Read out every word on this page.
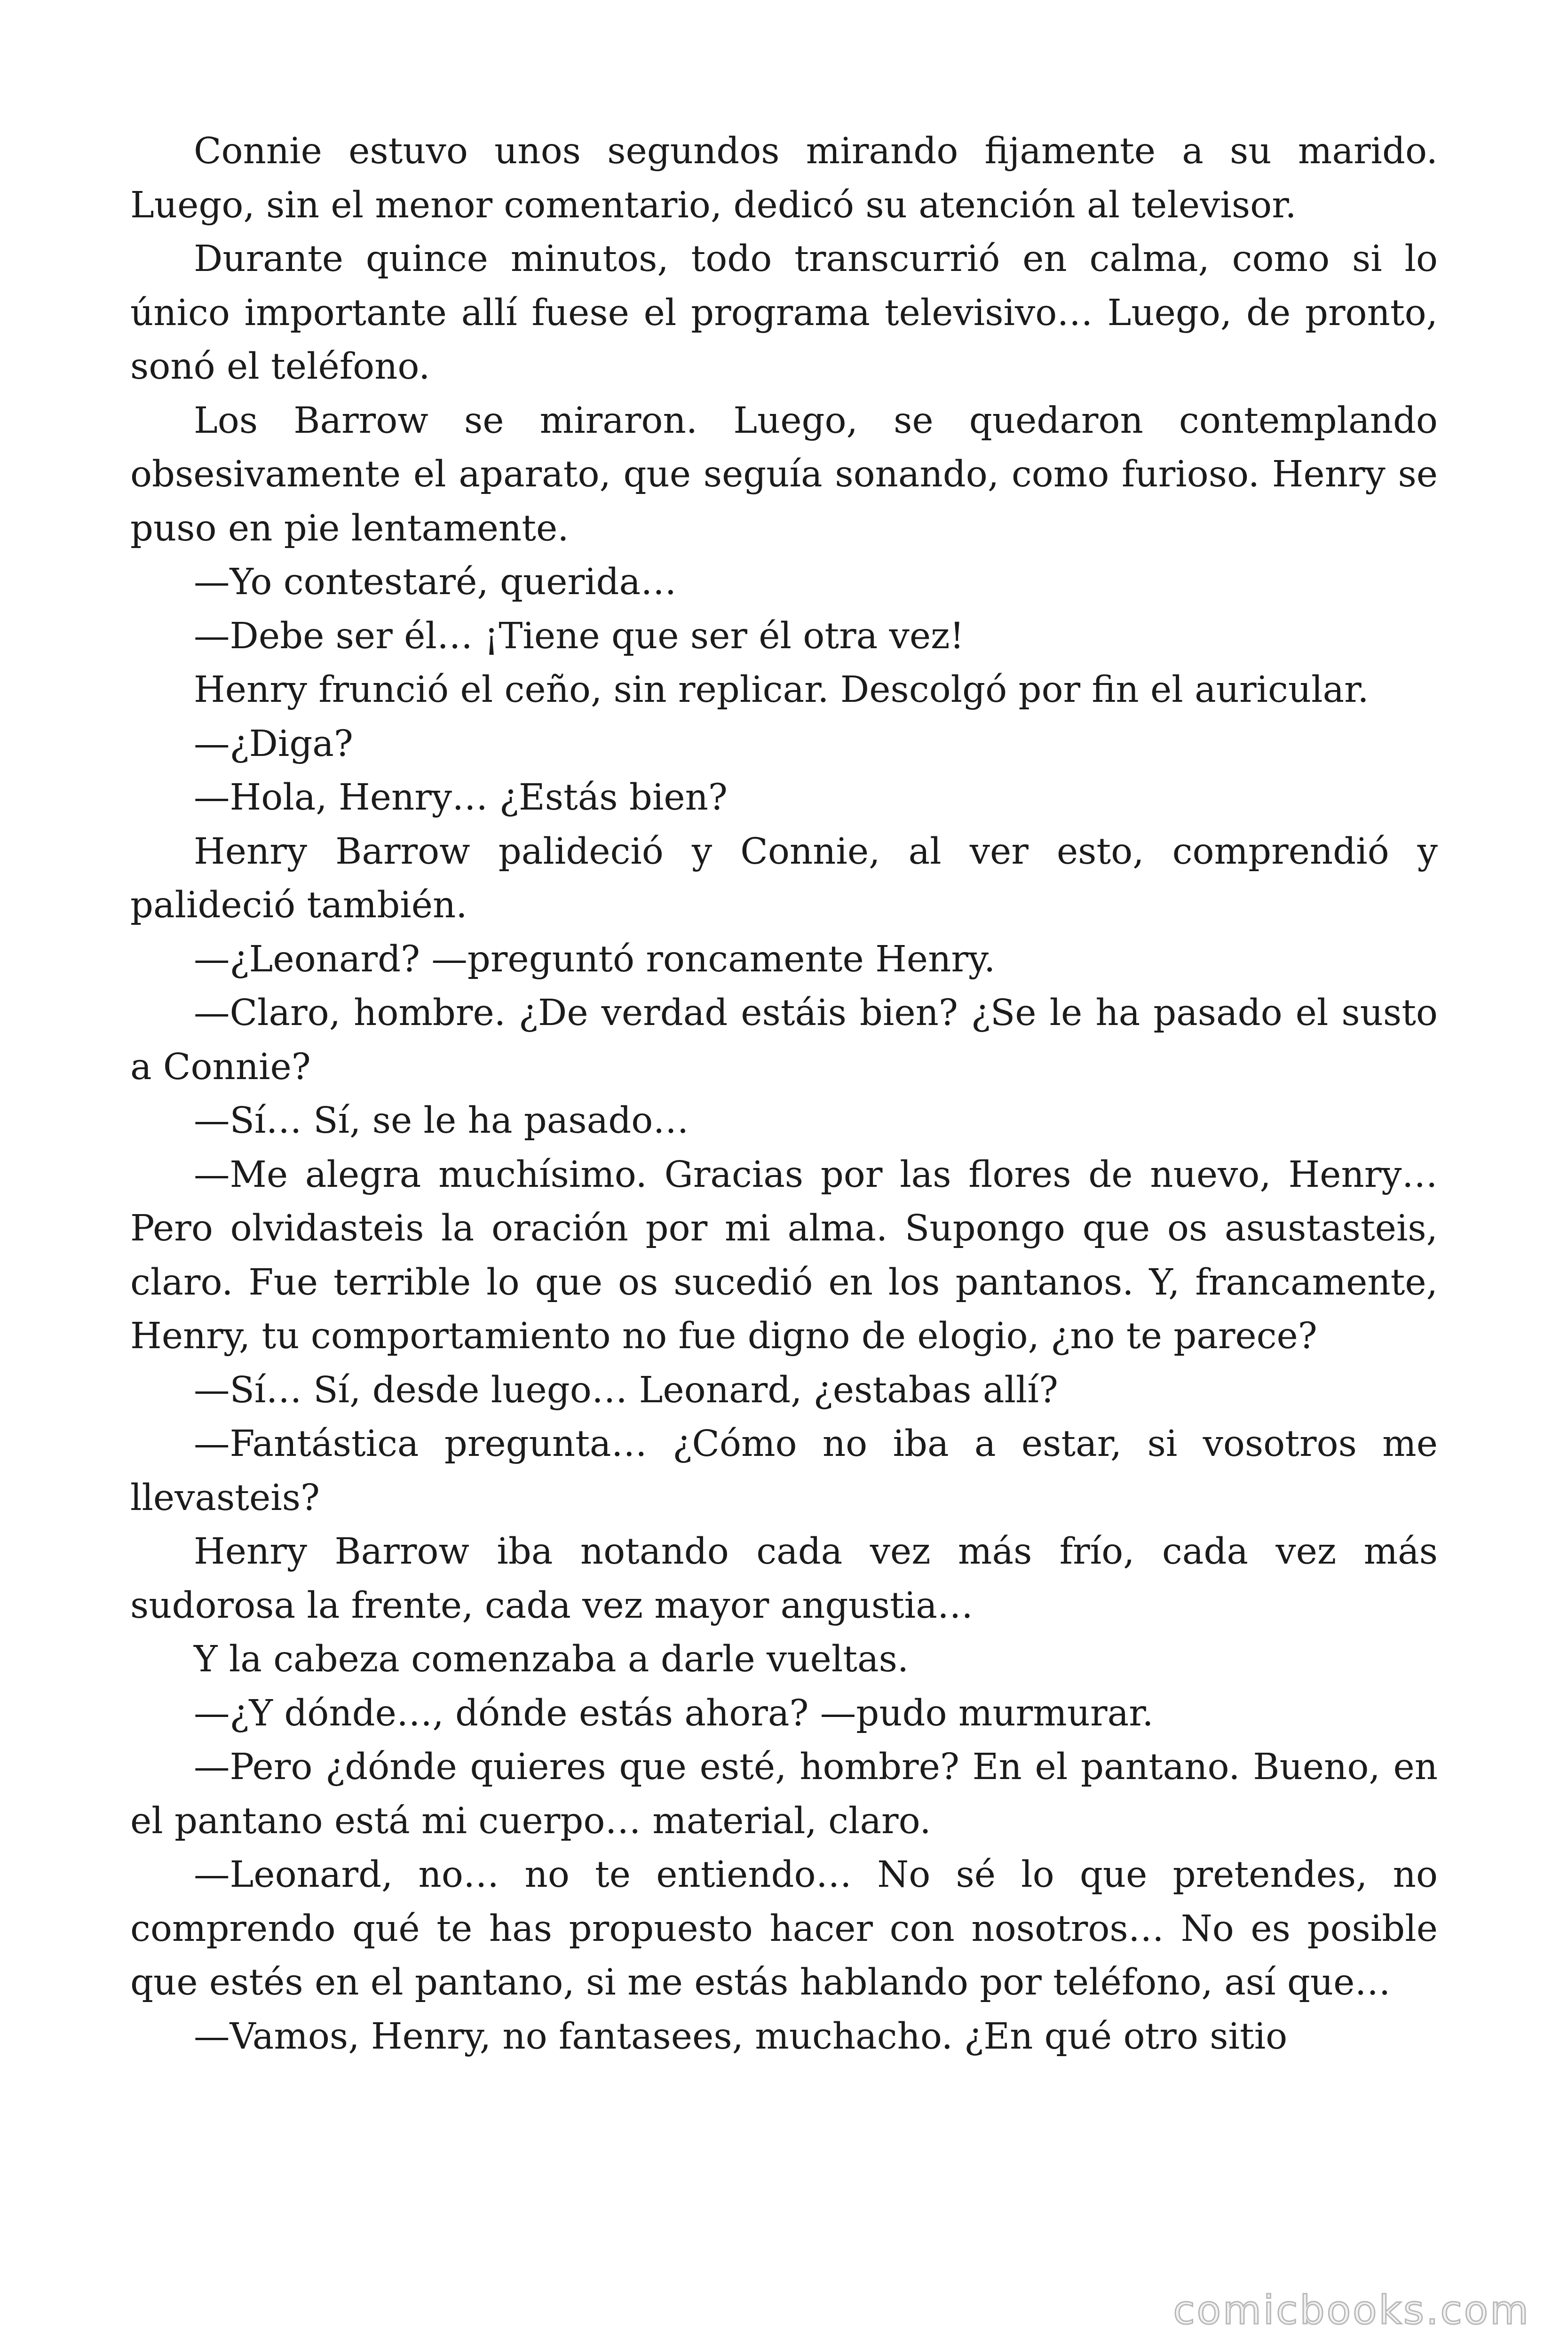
Connie estuvo unos segundos mirando fijamente a su marido. Luego, sin el menor comentario, dedicó su atención al televisor.

Durante quince minutos, todo transcurrió en calma, como si lo único importante allí fuese el programa televisivo… Luego, de pronto, sonó el teléfono.

Los Barrow se miraron. Luego, se quedaron contemplando obsesivamente el aparato, que seguía sonando, como furioso. Henry se puso en pie lentamente.

—Yo contestaré, querida…

—Debe ser él… ¡Tiene que ser él otra vez!

Henry frunció el ceño, sin replicar. Descolgó por fin el auricular.

—¿Diga?

—Hola, Henry… ¿Estás bien?

Henry Barrow palideció y Connie, al ver esto, comprendió y palideció también.

—¿Leonard? —preguntó roncamente Henry.

—Claro, hombre. ¿De verdad estáis bien? ¿Se le ha pasado el susto a Connie?

—Sí… Sí, se le ha pasado…

—Me alegra muchísimo. Gracias por las flores de nuevo, Henry… Pero olvidasteis la oración por mi alma. Supongo que os asustasteis, claro. Fue terrible lo que os sucedió en los pantanos. Y, francamente, Henry, tu comportamiento no fue digno de elogio, ¿no te parece?

—Sí… Sí, desde luego… Leonard, ¿estabas allí?

—Fantástica pregunta… ¿Cómo no iba a estar, si vosotros me llevasteis?

Henry Barrow iba notando cada vez más frío, cada vez más sudorosa la frente, cada vez mayor angustia…

Y la cabeza comenzaba a darle vueltas.

—¿Y dónde…, dónde estás ahora? —pudo murmurar.

—Pero ¿dónde quieres que esté, hombre? En el pantano. Bueno, en el pantano está mi cuerpo… material, claro.

—Leonard, no… no te entiendo… No sé lo que pretendes, no comprendo qué te has propuesto hacer con nosotros… No es posible que estés en el pantano, si me estás hablando por teléfono, así que…

—Vamos, Henry, no fantasees, muchacho. ¿En qué otro sitio

comicbooks.com
